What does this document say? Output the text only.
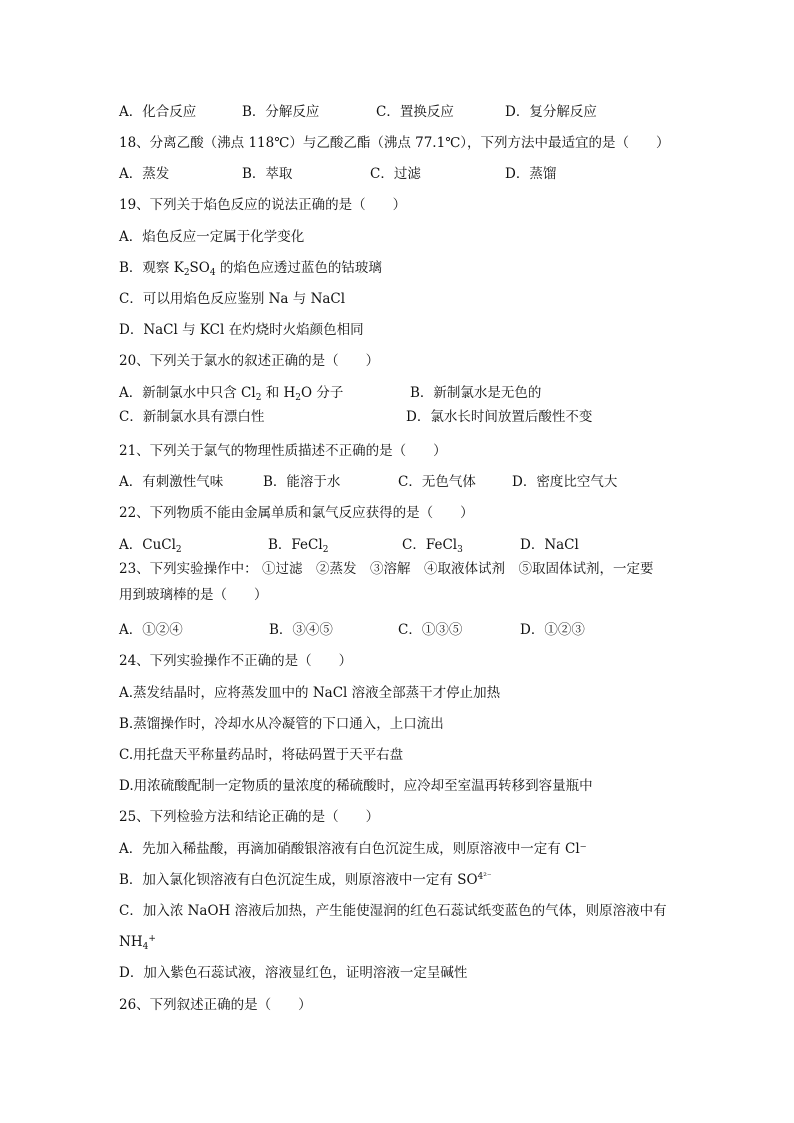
A．化合反应	B．分解反应	C．置换反应	D．复分解反应
18、分离乙酸（沸点 118℃）与乙酸乙酯（沸点 77.1℃），下列方法中最适宜的是（　　）
A．蒸发	B．萃取	C．过滤	D．蒸馏
19、下列关于焰色反应的说法正确的是（　　）
A．焰色反应一定属于化学变化
B．观察 $K_2SO_4$ 的焰色应透过蓝色的钴玻璃
C．可以用焰色反应鉴别 Na 与 NaCl
D．NaCl 与 KCl 在灼烧时火焰颜色相同
20、下列关于氯水的叙述正确的是（　　）
A．新制氯水中只含 $Cl_2$ 和 $H_2O$ 分子	B．新制氯水是无色的
C．新制氯水具有漂白性	D．氯水长时间放置后酸性不变
21、下列关于氯气的物理性质描述不正确的是（　　）
A．有刺激性气味	B．能溶于水	C．无色气体	D．密度比空气大
22、下列物质不能由金属单质和氯气反应获得的是（　　）
A．CuCl$_2$	B．FeCl$_2$	C．FeCl$_3$	D．NaCl
23、下列实验操作中： ①过滤　②蒸发　③溶解　④取液体试剂　⑤取固体试剂，一定要
用到玻璃棒的是（　　）
A．①②④	B．③④⑤	C．①③⑤	D．①②③
24、下列实验操作不正确的是（　　）
A.蒸发结晶时，应将蒸发皿中的 NaCl 溶液全部蒸干才停止加热
B.蒸馏操作时，冷却水从冷凝管的下口通入，上口流出
C.用托盘天平称量药品时，将砝码置于天平右盘
D.用浓硫酸配制一定物质的量浓度的稀硫酸时，应冷却至室温再转移到容量瓶中
25、下列检验方法和结论正确的是（　　）
A．先加入稀盐酸，再滴加硝酸银溶液有白色沉淀生成，则原溶液中一定有 Cl⁻
B．加入氯化钡溶液有白色沉淀生成，则原溶液中一定有 $SO^{4^{2-}}$
C．加入浓 NaOH 溶液后加热，产生能使湿润的红色石蕊试纸变蓝色的气体，则原溶液中有
$NH_4^+$
D．加入紫色石蕊试液，溶液显红色，证明溶液一定呈碱性
26、下列叙述正确的是（　　）
